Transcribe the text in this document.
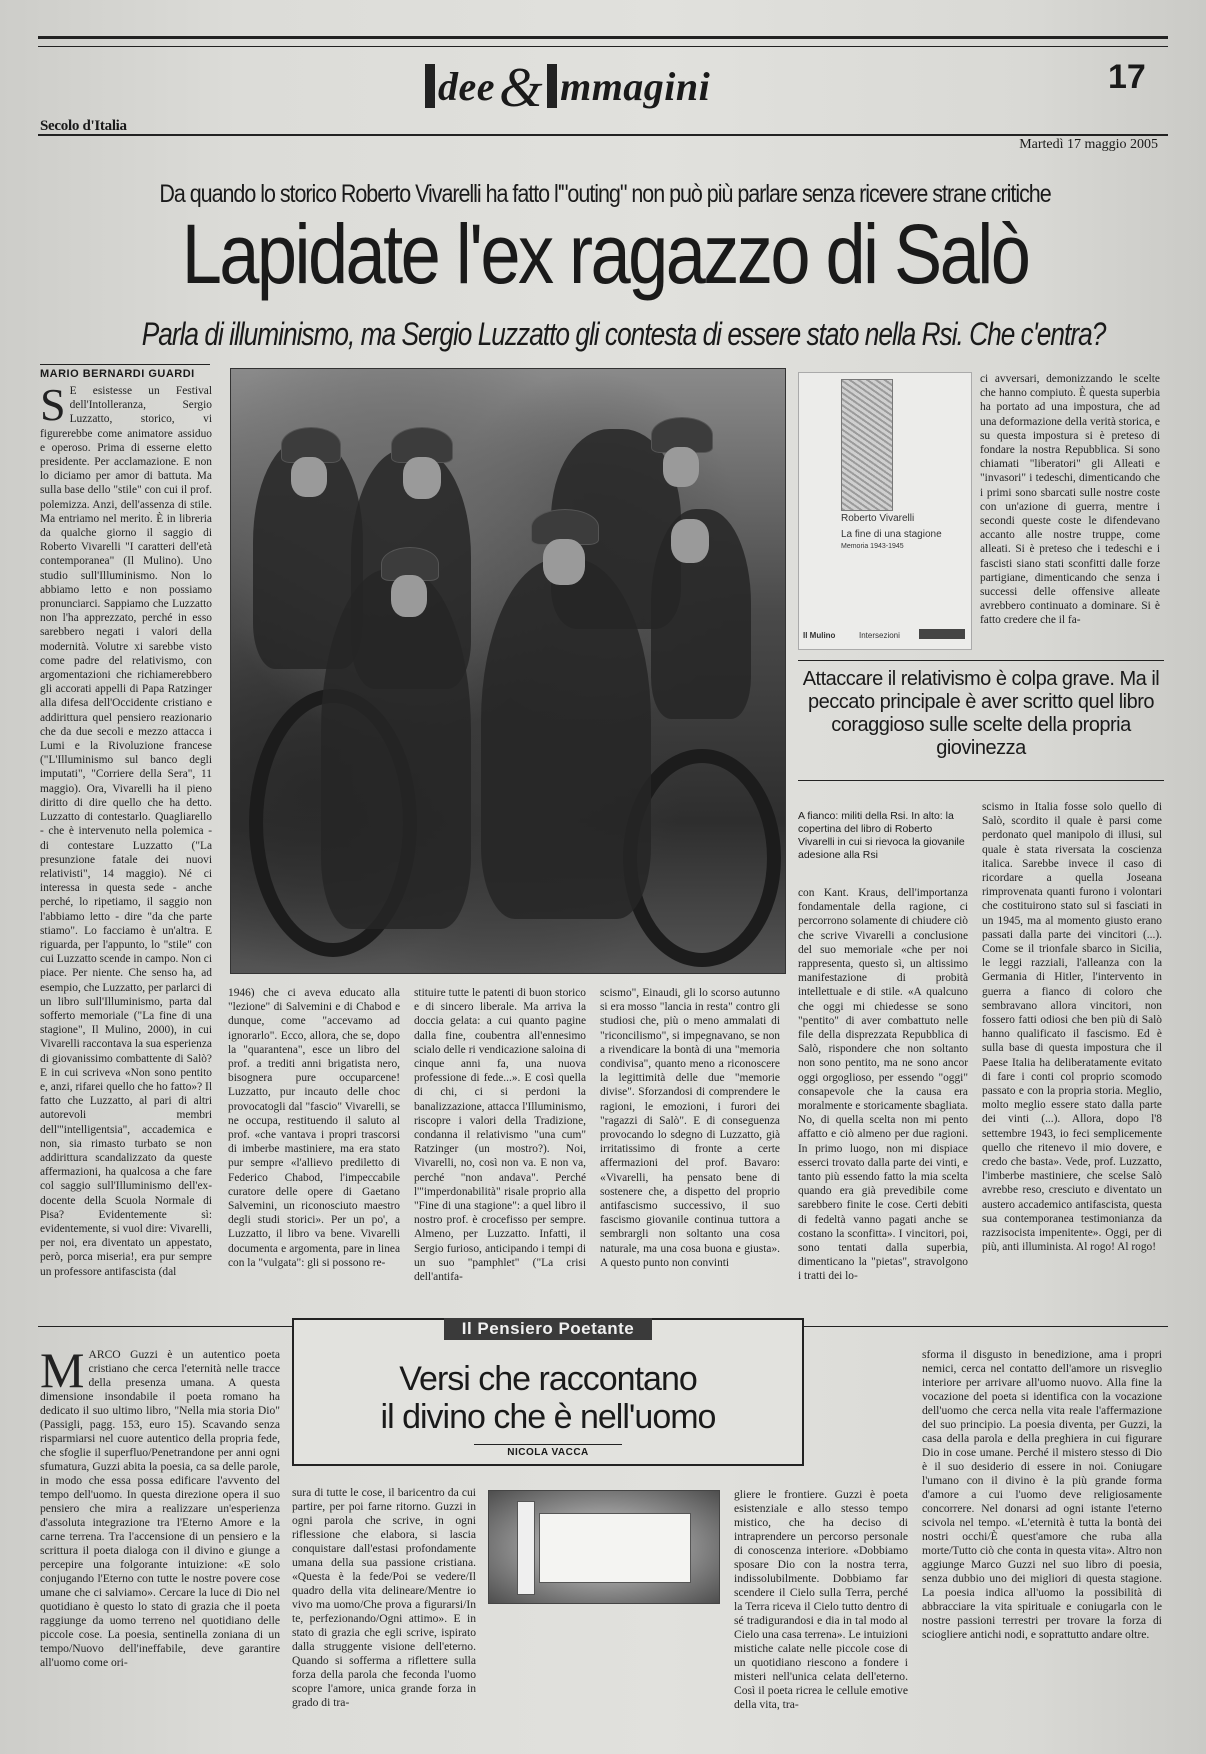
dee& mmagini	17
Secolo d'Italia
Martedì 17 maggio 2005
Da quando lo storico Roberto Vivarelli ha fatto l'"outing" non può più parlare senza ricevere strane critiche
Lapidate l'ex ragazzo di Salò
Parla di illuminismo, ma Sergio Luzzatto gli contesta di essere stato nella Rsi. Che c'entra?
MARIO BERNARDI GUARDI
S E esistesse un Festival dell'Intolleranza, Sergio Luzzatto, storico, vi figurerebbe come animatore assiduo e operoso. Prima di esserne eletto presidente. Per acclamazione. E non lo diciamo per amor di battuta. Ma sulla base dello "stile" con cui il prof. polemizza. Anzi, dell'assenza di stile. Ma entriamo nel merito. È in libreria da qualche giorno il saggio di Roberto Vivarelli "I caratteri dell'età contemporanea" (Il Mulino). Uno studio sull'Illuminismo. Non lo abbiamo letto e non possiamo pronunciarci. Sappiamo che Luzzatto non l'ha apprezzato, perché in esso sarebbero negati i valori della modernità. Volutre xi sarebbe visto come padre del relativismo, con argomentazioni che richiamerebbero gli accorati appelli di Papa Ratzinger alla difesa dell'Occidente cristiano e addirittura quel pensiero reazionario che da due secoli e mezzo attacca i Lumi e la Rivoluzione francese ("L'Illuminismo sul banco degli imputati", "Corriere della Sera", 11 maggio). Ora, Vivarelli ha il pieno diritto di dire quello che ha detto. Luzzatto di contestarlo. Quagliarello - che è intervenuto nella polemica - di contestare Luzzatto ("La presunzione fatale dei nuovi relativisti", 14 maggio). Né ci interessa in questa sede - anche perché, lo ripetiamo, il saggio non l'abbiamo letto - dire "da che parte stiamo". Lo facciamo è un'altra. E riguarda, per l'appunto, lo "stile" con cui Luzzatto scende in campo. Non ci piace. Per niente. Che senso ha, ad esempio, che Luzzatto, per parlarci di un libro sull'Illuminismo, parta dal sofferto memoriale ("La fine di una stagione", Il Mulino, 2000), in cui Vivarelli raccontava la sua esperienza di giovanissimo combattente di Salò? E in cui scriveva «Non sono pentito e, anzi, rifarei quello che ho fatto»? Il fatto che Luzzatto, al pari di altri autorevoli membri dell'"intelligentsia", accademica e non, sia rimasto turbato se non addirittura scandalizzato da queste affermazioni, ha qualcosa a che fare col saggio sull'Illuminismo dell'ex-docente della Scuola Normale di Pisa? Evidentemente sì: evidentemente, si vuol dire: Vivarelli, per noi, era diventato un appestato, però, porca miseria!, era pur sempre un professore antifascista (dal
Roberto Vivarelli
La fine di una stagione
Memoria 1943-1945
Il Mulino	Intersezioni
ci avversari, demonizzando le scelte che hanno compiuto. È questa superbia ha portato ad una impostura, che ad una deformazione della verità storica, e su questa impostura si è preteso di fondare la nostra Repubblica. Si sono chiamati "liberatori" gli Alleati e "invasori" i tedeschi, dimenticando che i primi sono sbarcati sulle nostre coste con un'azione di guerra, mentre i secondi queste coste le difendevano accanto alle nostre truppe, come alleati. Si è preteso che i tedeschi e i fascisti siano stati sconfitti dalle forze partigiane, dimenticando che senza i successi delle offensive alleate avrebbero continuato a dominare. Si è fatto credere che il fa-
Attaccare il relativismo è colpa grave. Ma il peccato principale è aver scritto quel libro coraggioso sulle scelte della propria giovinezza
A fianco: militi della Rsi. In alto: la copertina del libro di Roberto Vivarelli in cui si rievoca la giovanile adesione alla Rsi
con Kant. Kraus, dell'importanza fondamentale della ragione, ci percorrono solamente di chiudere ciò che scrive Vivarelli a conclusione del suo memoriale «che per noi rappresenta, questo sì, un altissimo manifestazione di probità intellettuale e di stile. «A qualcuno che oggi mi chiedesse se sono "pentito" di aver combattuto nelle file della disprezzata Repubblica di Salò, rispondere che non soltanto non sono pentito, ma ne sono ancor oggi orgoglioso, per essendo "oggi" consapevole che la causa era moralmente e storicamente sbagliata. No, di quella scelta non mi pento affatto e ciò almeno per due ragioni. In primo luogo, non mi dispiace esserci trovato dalla parte dei vinti, e tanto più essendo fatto la mia scelta quando era già prevedibile come sarebbero finite le cose. Certi debiti di fedeltà vanno pagati anche se costano la sconfitta». I vincitori, poi, sono tentati dalla superbia, dimenticano la "pietas", stravolgono i tratti dei lo-
scismo in Italia fosse solo quello di Salò, scordito il quale è parsi come perdonato quel manipolo di illusi, sul quale è stata riversata la coscienza italica. Sarebbe invece il caso di ricordare a quella Joseana rimprovenata quanti furono i volontari che costituirono stato sul si fasciati in un 1945, ma al momento giusto erano passati dalla parte dei vincitori (...). Come se il trionfale sbarco in Sicilia, le leggi razziali, l'alleanza con la Germania di Hitler, l'intervento in guerra a fianco di coloro che sembravano allora vincitori, non fossero fatti odiosi che ben più di Salò hanno qualificato il fascismo. Ed è sulla base di questa impostura che il Paese Italia ha deliberatamente evitato di fare i conti col proprio scomodo passato e con la propria storia. Meglio, molto meglio essere stato dalla parte dei vinti (...). Allora, dopo l'8 settembre 1943, io feci semplicemente quello che ritenevo il mio dovere, e credo che basta». Vede, prof. Luzzatto, l'imberbe mastiniere, che scelse Salò avrebbe reso, cresciuto e diventato un austero accademico antifascista, questa sua contemporanea testimonianza da razzisocista impenitente». Oggi, per di più, anti illuminista. Al rogo! Al rogo!
1946) che ci aveva educato alla "lezione" di Salvemini e di Chabod e dunque, come "accevamo ad ignorarlo". Ecco, allora, che se, dopo la "quarantena", esce un libro del prof. a trediti anni brigatista nero, bisognera pure occuparcene! Luzzatto, pur incauto delle choc provocatogli dal "fascio" Vivarelli, se ne occupa, restituendo il saluto al prof. «che vantava i propri trascorsi di imberbe mastiniere, ma era stato pur sempre «l'allievo prediletto di Federico Chabod, l'impeccabile curatore delle opere di Gaetano Salvemini, un riconosciuto maestro degli studi storici». Per un po', a Luzzatto, il libro va bene. Vivarelli documenta e argomenta, pare in linea con la "vulgata": gli si possono re-
stituire tutte le patenti di buon storico e di sincero liberale. Ma arriva la doccia gelata: a cui quanto pagine dalla fine, coubentra all'ennesimo scialo delle ri vendicazione saloina di cinque anni fa, una nuova professione di fede...». E così quella di chi, ci si perdoni la banalizzazione, attacca l'Illuminismo, riscopre i valori della Tradizione, condanna il relativismo "una cum" Ratzinger (un mostro?). Noi, Vivarelli, no, così non va. E non va, perché "non andava". Perché l'"imperdonabilità" risale proprio alla "Fine di una stagione": a quel libro il nostro prof. è crocefisso per sempre. Almeno, per Luzzatto. Infatti, il Sergio furioso, anticipando i tempi di un suo "pamphlet" ("La crisi dell'antifa-
scismo", Einaudi, gli lo scorso autunno si era mosso "lancia in resta" contro gli studiosi che, più o meno ammalati di "riconcilismo", si impegnavano, se non a rivendicare la bontà di una "memoria condivisa", quanto meno a riconoscere la legittimità delle due "memorie divise". Sforzandosi di comprendere le ragioni, le emozioni, i furori dei "ragazzi di Salò". E di conseguenza provocando lo sdegno di Luzzatto, già irritatissimo di fronte a certe affermazioni del prof. Bavaro: «Vivarelli, ha pensato bene di sostenere che, a dispetto del proprio antifascismo successivo, il suo fascismo giovanile continua tuttora a sembrargli non soltanto una cosa naturale, ma una cosa buona e giusta». A questo punto non convinti
Il Pensiero Poetante
Versi che raccontano
il divino che è nell'uomo
NICOLA VACCA
MARCO Guzzi è un autentico poeta cristiano che cerca l'eternità nelle tracce della presenza umana. A questa dimensione insondabile il poeta romano ha dedicato il suo ultimo libro, "Nella mia storia Dio" (Passigli, pagg. 153, euro 15). Scavando senza risparmiarsi nel cuore autentico della propria fede, che sfoglie il superfluo/Penetrandone per anni ogni sfumatura, Guzzi abita la poesia, ca sa delle parole, in modo che essa possa edificare l'avvento del tempo dell'uomo. In questa direzione opera il suo pensiero che mira a realizzare un'esperienza d'assoluta integrazione tra l'Eterno Amore e la carne terrena. Tra l'accensione di un pensiero e la scrittura il poeta dialoga con il divino e giunge a percepire una folgorante intuizione: «E solo conjugando l'Eterno con tutte le nostre povere cose umane che ci salviamo». Cercare la luce di Dio nel quotidiano è questo lo stato di grazia che il poeta raggiunge da uomo terreno nel quotidiano delle piccole cose. La poesia, sentinella zoniana di un tempo/Nuovo dell'ineffabile, deve garantire all'uomo come ori-
sura di tutte le cose, il baricentro da cui partire, per poi farne ritorno. Guzzi in ogni parola che scrive, in ogni riflessione che elabora, si lascia conquistare dall'estasi profondamente umana della sua passione cristiana. «Questa è la fede/Poi se vedere/Il quadro della vita delineare/Mentre io vivo ma uomo/Che prova a figurarsi/In te, perfezionando/Ogni attimo». E in stato di grazia che egli scrive, ispirato dalla struggente visione dell'eterno. Quando si sofferma a riflettere sulla forza della parola che feconda l'uomo scopre l'amore, unica grande forza in grado di tra-
gliere le frontiere. Guzzi è poeta esistenziale e allo stesso tempo mistico, che ha deciso di intraprendere un percorso personale di conoscenza interiore. «Dobbiamo sposare Dio con la nostra terra, indissolubilmente. Dobbiamo far scendere il Cielo sulla Terra, perché la Terra riceva il Cielo tutto dentro di sé tradigurandosi e dia in tal modo al Cielo una casa terrena». Le intuizioni mistiche calate nelle piccole cose di un quotidiano riescono a fondere i misteri nell'unica celata dell'eterno. Così il poeta ricrea le cellule emotive della vita, tra-
sforma il disgusto in benedizione, ama i propri nemici, cerca nel contatto dell'amore un risveglio interiore per arrivare all'uomo nuovo. Alla fine la vocazione del poeta si identifica con la vocazione dell'uomo che cerca nella vita reale l'affermazione del suo principio. La poesia diventa, per Guzzi, la casa della parola e della preghiera in cui figurare Dio in cose umane. Perché il mistero stesso di Dio è il suo desiderio di essere in noi. Coniugare l'umano con il divino è la più grande forma d'amore a cui l'uomo deve religiosamente concorrere. Nel donarsi ad ogni istante l'eterno scivola nel tempo. «L'eternità è tutta la bontà dei nostri occhi/È quest'amore che ruba alla morte/Tutto ciò che conta in questa vita». Altro non aggiunge Marco Guzzi nel suo libro di poesia, senza dubbio uno dei migliori di questa stagione. La poesia indica all'uomo la possibilità di abbracciare la vita spirituale e coniugarla con le nostre passioni terrestri per trovare la forza di sciogliere antichi nodi, e soprattutto andare oltre.
